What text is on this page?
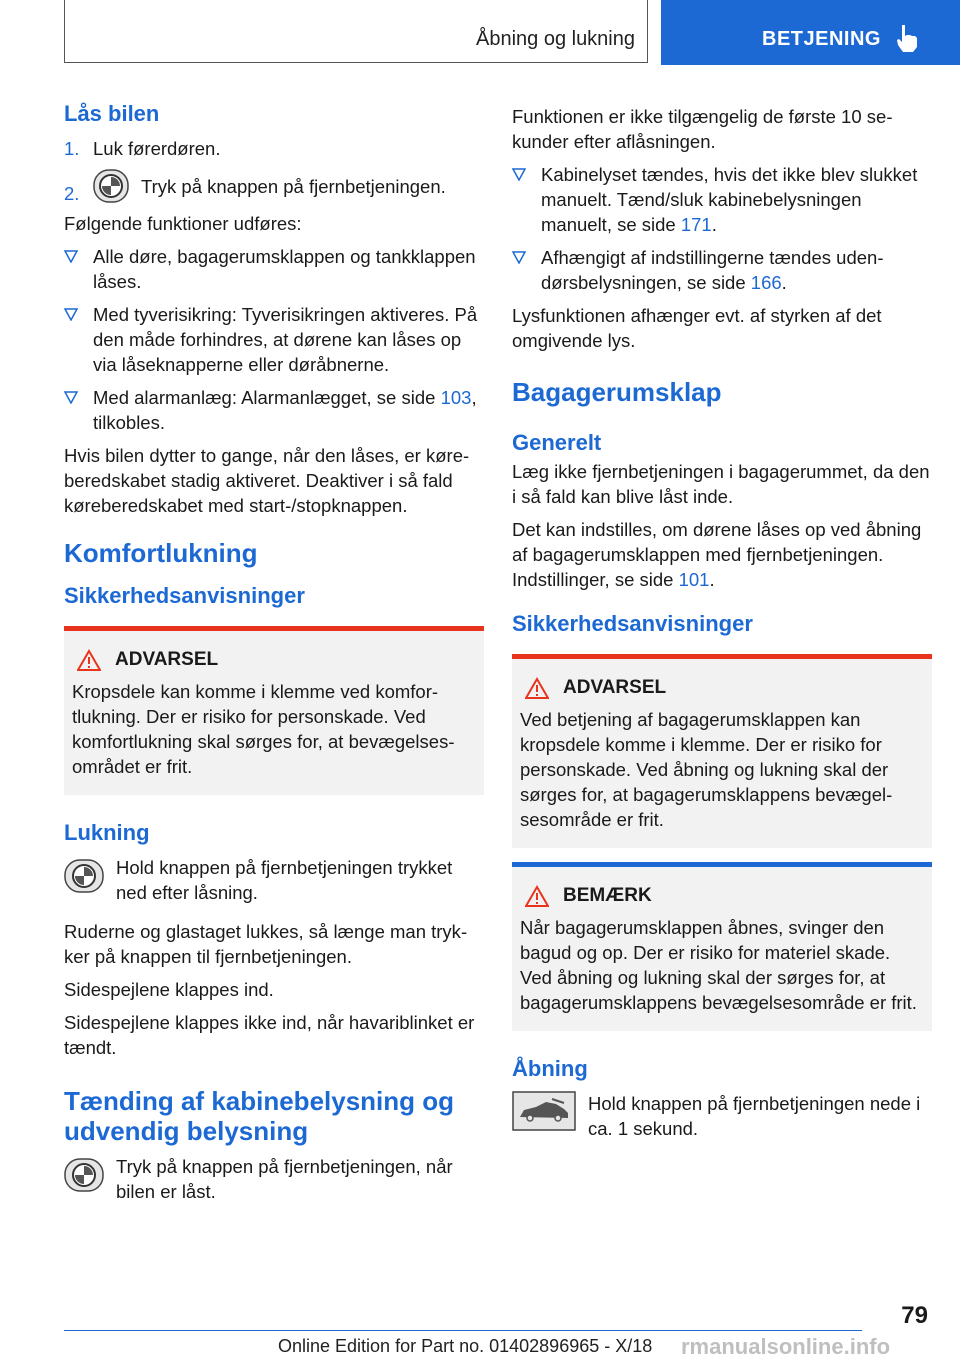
Åbning og lukning	BETJENING
Lås bilen
1. Luk førerdøren.
2.	Tryk på knappen på fjernbetjeningen.

Følgende funktioner udføres:

Alle døre, bagagerumsklappen og tankklappen låses.
Med tyverisikring: Tyverisikringen aktiveres. På den måde forhindres, at dørene kan låses op via låseknapperne eller døråbnerne.
Med alarmanlæg: Alarmanlægget, se side 103, tilkobles.

Hvis bilen dytter to gange, når den låses, er køreberedskabet stadig aktiveret. Deaktiver i så fald køreberedskabet med start-/stopknappen.

Komfortlukning
Sikkerhedsanvisninger
ADVARSEL

Kropsdele kan komme i klemme ved komfortlukning. Der er risiko for personskade. Ved komfortlukning skal sørges for, at bevægelsesområdet er frit.

Lukning
Hold knappen på fjernbetjeningen trykket ned efter låsning.

Ruderne og glastaget lukkes, så længe man trykker på knappen til fjernbetjeningen.

Sidespejlene klappes ind.

Sidespejlene klappes ikke ind, når havariblinket er tændt.

Tænding af kabinebelysning og udvendig belysning
Tryk på knappen på fjernbetjeningen, når bilen er låst.

Funktionen er ikke tilgængelig de første 10 sekunder efter aflåsningen.

Kabinelyset tændes, hvis det ikke blev slukket manuelt. Tænd/sluk kabinebelysningen manuelt, se side 171.
Afhængigt af indstillingerne tændes udendørsbelysningen, se side 166.

Lysfunktionen afhænger evt. af styrken af det omgivende lys.

Bagagerumsklap
Generelt

Læg ikke fjernbetjeningen i bagagerummet, da den i så fald kan blive låst inde.

Det kan indstilles, om dørene låses op ved åbning af bagagerumsklappen med fjernbetjeningen. Indstillinger, se side 101.

Sikkerhedsanvisninger
ADVARSEL

Ved betjening af bagagerumsklappen kan kropsdele komme i klemme. Der er risiko for personskade. Ved åbning og lukning skal der sørges for, at bagagerumsklappens bevægelsesområde er frit.

BEMÆRK

Når bagagerumsklappen åbnes, svinger den bagud og op. Der er risiko for materiel skade. Ved åbning og lukning skal der sørges for, at bagagerumsklappens bevægelsesområde er frit.

Åbning
Hold knappen på fjernbetjeningen nede i ca. 1 sekund.
79
Online Edition for Part no. 01402896965 - X/18 rmanualsonline.info
